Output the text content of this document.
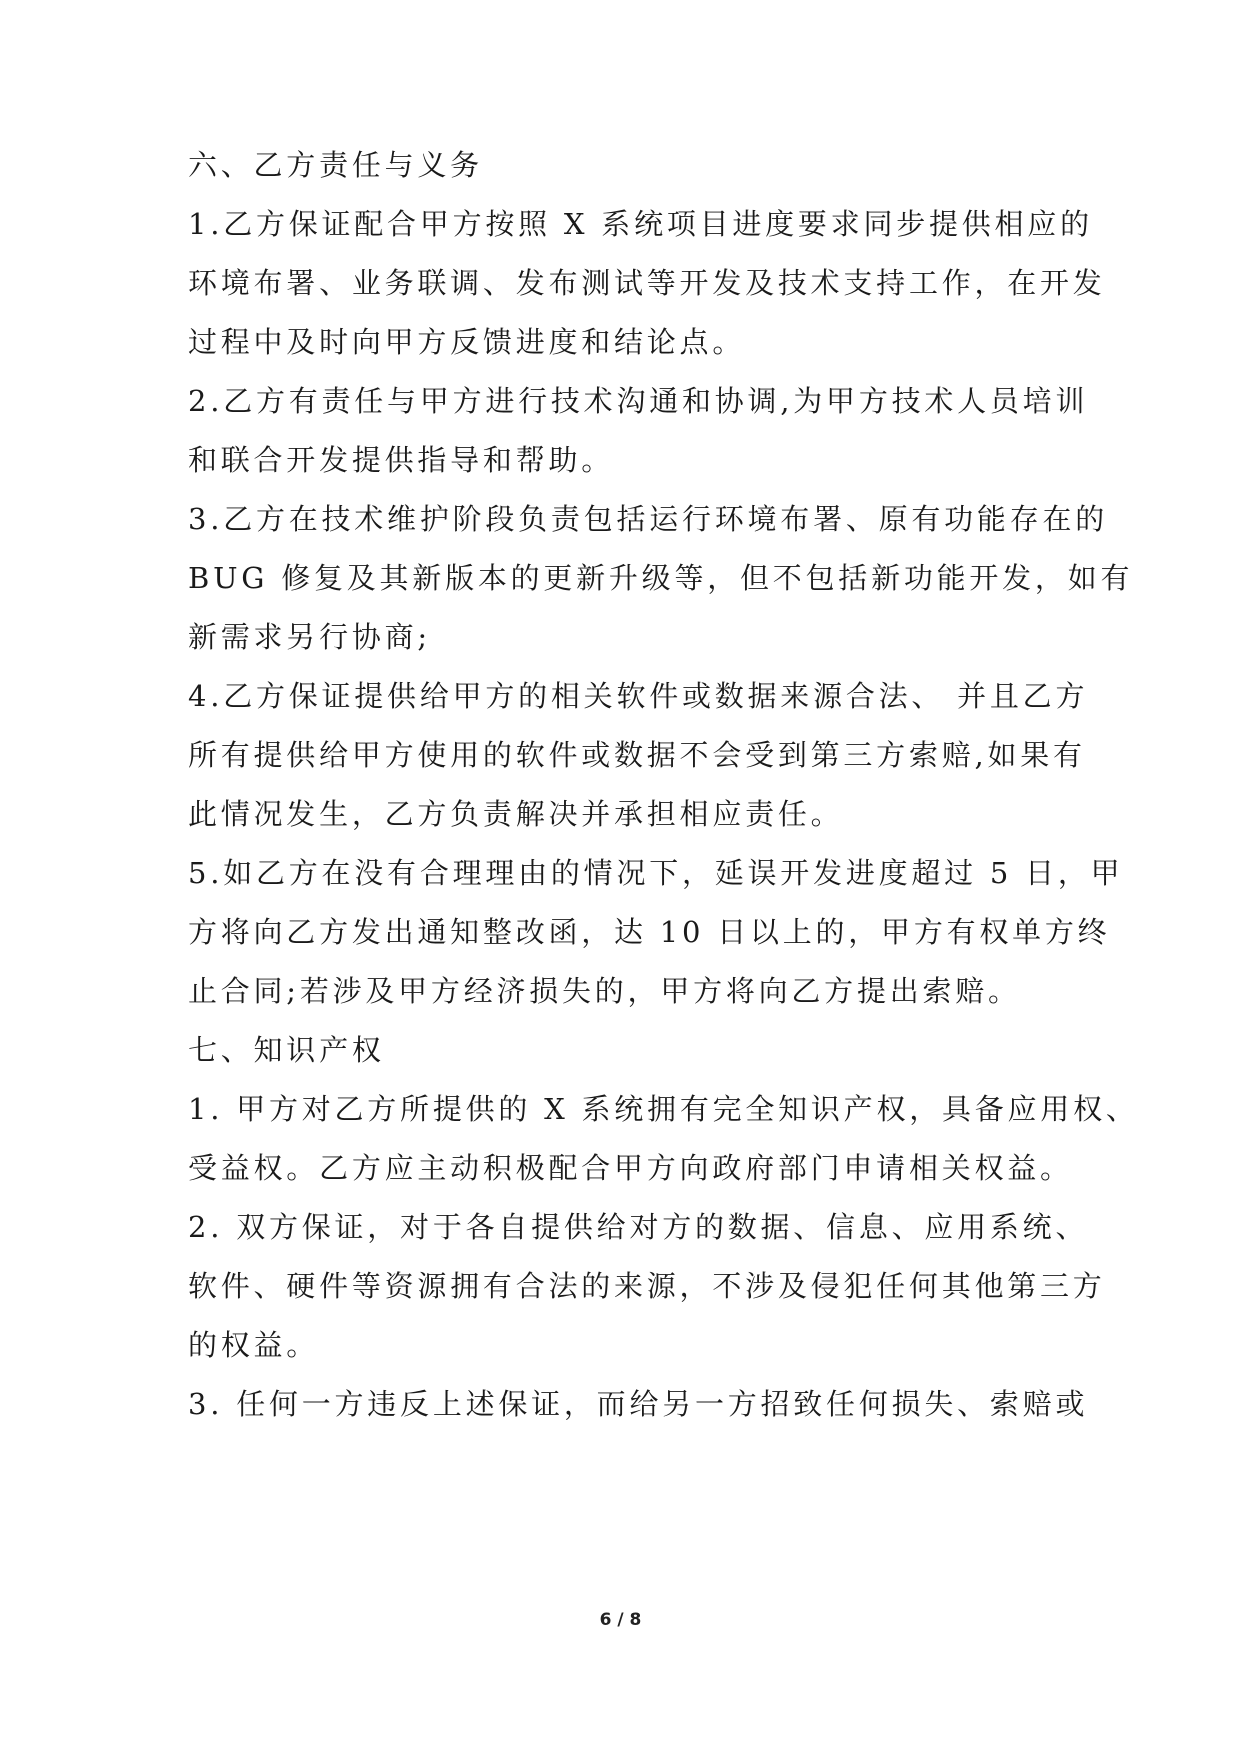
六、乙方责任与义务
1.乙方保证配合甲方按照 X 系统项目进度要求同步提供相应的
环境布署、业务联调、发布测试等开发及技术支持工作，在开发
过程中及时向甲方反馈进度和结论点。
2.乙方有责任与甲方进行技术沟通和协调,为甲方技术人员培训
和联合开发提供指导和帮助。
3.乙方在技术维护阶段负责包括运行环境布署、原有功能存在的
BUG 修复及其新版本的更新升级等，但不包括新功能开发，如有
新需求另行协商;
4.乙方保证提供给甲方的相关软件或数据来源合法、 并且乙方
所有提供给甲方使用的软件或数据不会受到第三方索赔,如果有
此情况发生，乙方负责解决并承担相应责任。
5.如乙方在没有合理理由的情况下，延误开发进度超过 5 日，甲
方将向乙方发出通知整改函，达 10 日以上的，甲方有权单方终
止合同;若涉及甲方经济损失的，甲方将向乙方提出索赔。
七、知识产权
1. 甲方对乙方所提供的 X 系统拥有完全知识产权，具备应用权、
受益权。乙方应主动积极配合甲方向政府部门申请相关权益。
2. 双方保证，对于各自提供给对方的数据、信息、应用系统、
软件、硬件等资源拥有合法的来源，不涉及侵犯任何其他第三方
的权益。
3. 任何一方违反上述保证，而给另一方招致任何损失、索赔或
6 / 8
